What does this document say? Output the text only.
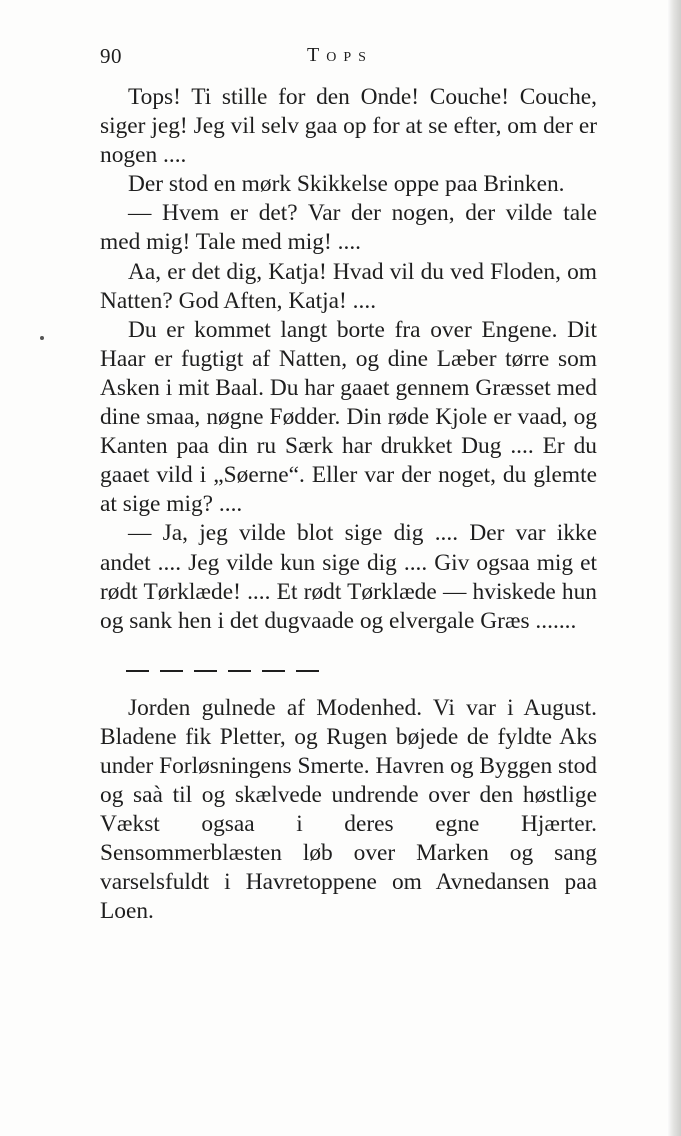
90	Tops

Tops! Ti stille for den Onde! Couche! Couche, siger jeg! Jeg vil selv gaa op for at se efter, om der er nogen ....

Der stod en mørk Skikkelse oppe paa Brinken.

— Hvem er det? Var der nogen, der vilde tale med mig! Tale med mig! ....

Aa, er det dig, Katja! Hvad vil du ved Floden, om Natten? God Aften, Katja! ....

Du er kommet langt borte fra over Engene. Dit Haar er fugtigt af Natten, og dine Læber tørre som Asken i mit Baal. Du har gaaet gennem Græsset med dine smaa, nøgne Fødder. Din røde Kjole er vaad, og Kanten paa din ru Særk har drukket Dug .... Er du gaaet vild i „Søerne“. Eller var der noget, du glemte at sige mig? ....

— Ja, jeg vilde blot sige dig .... Der var ikke andet .... Jeg vilde kun sige dig .... Giv ogsaa mig et rødt Tørklæde! .... Et rødt Tørklæde — hviskede hun og sank hen i det dugvaade og elvergale Græs .......

Jorden gulnede af Modenhed. Vi var i August. Bladene fik Pletter, og Rugen bøjede de fyldte Aks under Forløsningens Smerte. Havren og Byggen stod og saà til og skælvede undrende over den høstlige Vækst ogsaa i deres egne Hjærter. Sensommerblæsten løb over Marken og sang varselsfuldt i Havretoppene om Avnedansen paa Loen.
